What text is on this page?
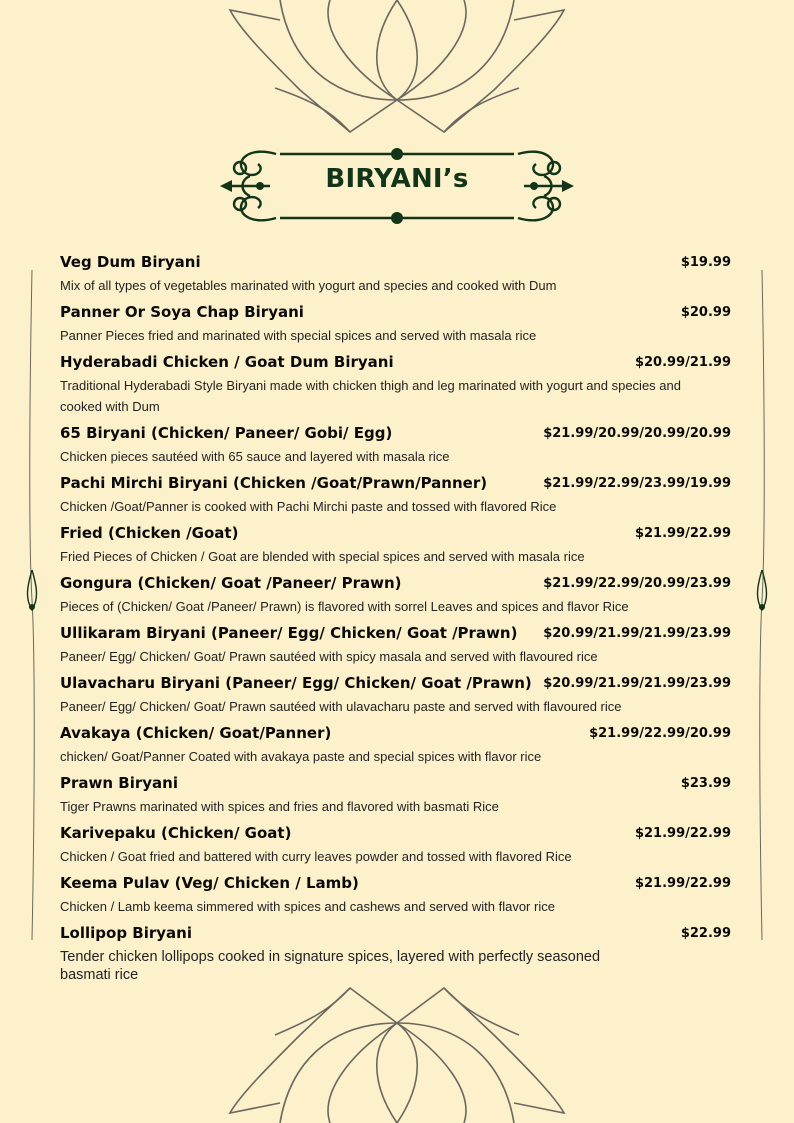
BIRYANI’s
Veg Dum Biryani	$19.99
Mix of all types of vegetables marinated with yogurt and species and cooked with Dum
Panner Or Soya Chap Biryani	$20.99
Panner Pieces fried and marinated with special spices and served with masala rice
Hyderabadi Chicken / Goat Dum Biryani	$20.99/21.99
Traditional Hyderabadi Style Biryani made with chicken thigh and leg marinated with yogurt and species and cooked with Dum
65 Biryani (Chicken/ Paneer/ Gobi/ Egg)	$21.99/20.99/20.99/20.99
Chicken pieces sautéed with 65 sauce and layered with masala rice
Pachi Mirchi Biryani (Chicken /Goat/Prawn/Panner)	$21.99/22.99/23.99/19.99
Chicken /Goat/Panner is cooked with Pachi Mirchi paste and tossed with flavored Rice
Fried (Chicken /Goat)	$21.99/22.99
Fried Pieces of Chicken / Goat are blended with special spices and served with masala rice
Gongura (Chicken/ Goat /Paneer/ Prawn)	$21.99/22.99/20.99/23.99
Pieces of (Chicken/ Goat /Paneer/ Prawn) is flavored with sorrel Leaves and spices and flavor Rice
Ullikaram Biryani (Paneer/ Egg/ Chicken/ Goat /Prawn)	$20.99/21.99/21.99/23.99
Paneer/ Egg/ Chicken/ Goat/ Prawn sautéed with spicy masala and served with flavoured rice
Ulavacharu Biryani (Paneer/ Egg/ Chicken/ Goat /Prawn) $20.99/21.99/21.99/23.99
Paneer/ Egg/ Chicken/ Goat/ Prawn sautéed with ulavacharu paste and served with flavoured rice
Avakaya (Chicken/ Goat/Panner)	$21.99/22.99/20.99
chicken/ Goat/Panner Coated with avakaya paste and special spices with flavor rice
Prawn Biryani	$23.99
Tiger Prawns marinated with spices and fries and flavored with basmati Rice
Karivepaku (Chicken/ Goat)	$21.99/22.99
Chicken / Goat fried and battered with curry leaves powder and tossed with flavored Rice
Keema Pulav (Veg/ Chicken / Lamb)	$21.99/22.99
Chicken / Lamb keema simmered with spices and cashews and served with flavor rice
Lollipop Biryani	$22.99
Tender chicken lollipops cooked in signature spices, layered with perfectly seasoned basmati rice
